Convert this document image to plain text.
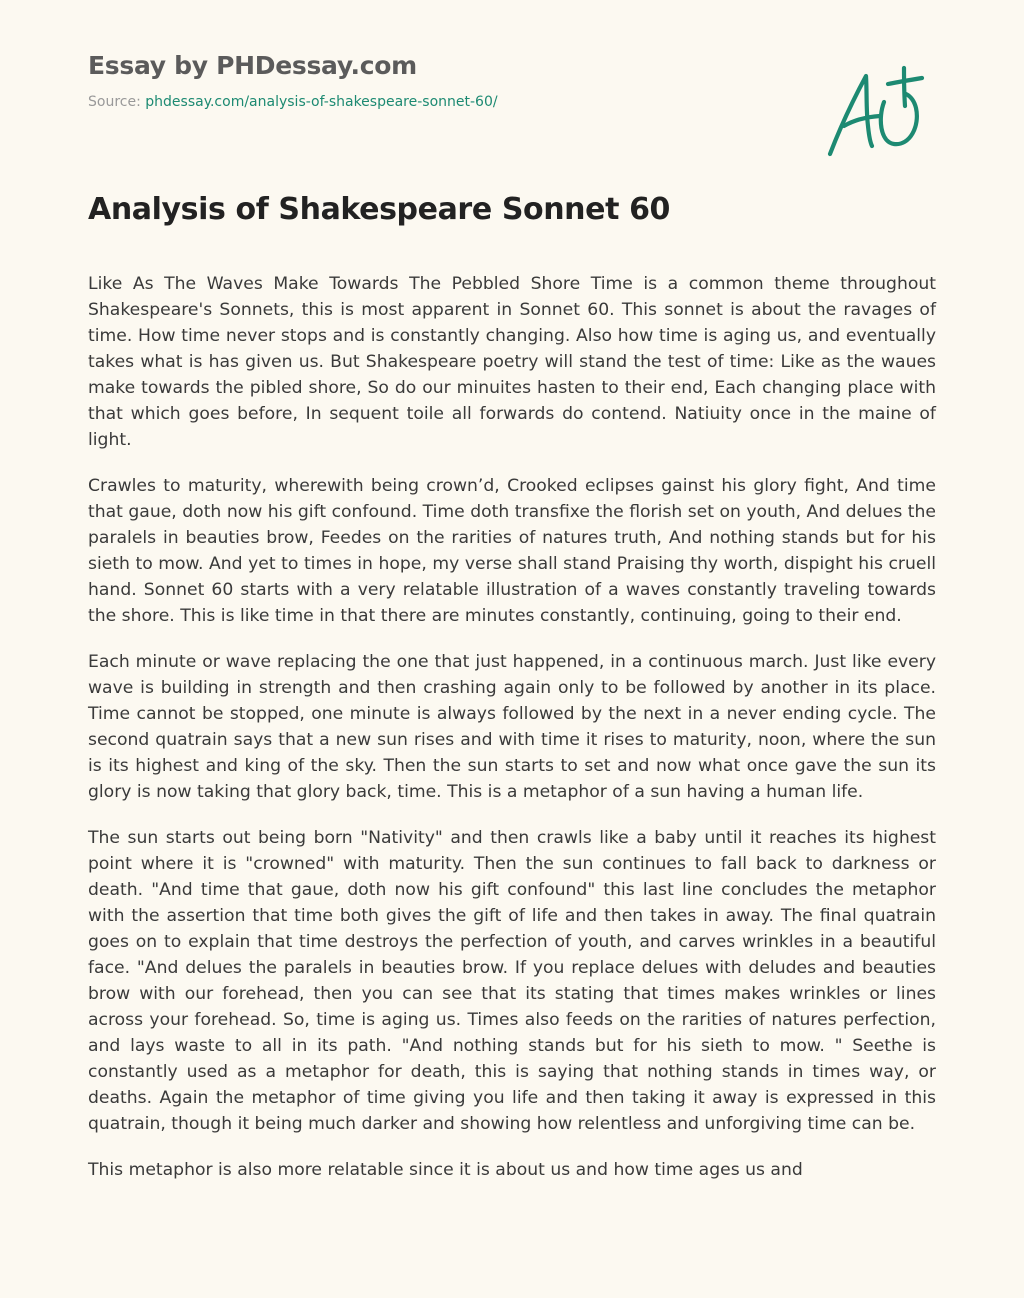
Essay by PHDessay.com
Source: phdessay.com/analysis-of-shakespeare-sonnet-60/
Analysis of Shakespeare Sonnet 60

Like As The Waves Make Towards The Pebbled Shore Time is a common theme throughout Shakespeare's Sonnets, this is most apparent in Sonnet 60. This sonnet is about the ravages of time. How time never stops and is constantly changing. Also how time is aging us, and eventually takes what is has given us. But Shakespeare poetry will stand the test of time: Like as the waues make towards the pibled shore, So do our minuites hasten to their end, Each changing place with that which goes before, In sequent toile all forwards do contend. Natiuity once in the maine of light.

Crawles to maturity, wherewith being crown’d, Crooked eclipses gainst his glory fight, And time that gaue, doth now his gift confound. Time doth transfixe the florish set on youth, And delues the paralels in beauties brow, Feedes on the rarities of natures truth, And nothing stands but for his sieth to mow. And yet to times in hope, my verse shall stand Praising thy worth, dispight his cruell hand. Sonnet 60 starts with a very relatable illustration of a waves constantly traveling towards the shore. This is like time in that there are minutes constantly, continuing, going to their end.

Each minute or wave replacing the one that just happened, in a continuous march. Just like every wave is building in strength and then crashing again only to be followed by another in its place. Time cannot be stopped, one minute is always followed by the next in a never ending cycle. The second quatrain says that a new sun rises and with time it rises to maturity, noon, where the sun is its highest and king of the sky. Then the sun starts to set and now what once gave the sun its glory is now taking that glory back, time. This is a metaphor of a sun having a human life.

The sun starts out being born "Nativity" and then crawls like a baby until it reaches its highest point where it is "crowned" with maturity. Then the sun continues to fall back to darkness or death. "And time that gaue, doth now his gift confound" this last line concludes the metaphor with the assertion that time both gives the gift of life and then takes in away. The final quatrain goes on to explain that time destroys the perfection of youth, and carves wrinkles in a beautiful face. "And delues the paralels in beauties brow. If you replace delues with deludes and beauties brow with our forehead, then you can see that its stating that times makes wrinkles or lines across your forehead. So, time is aging us. Times also feeds on the rarities of natures perfection, and lays waste to all in its path. "And nothing stands but for his sieth to mow. " Seethe is constantly used as a metaphor for death, this is saying that nothing stands in times way, or deaths. Again the metaphor of time giving you life and then taking it away is expressed in this quatrain, though it being much darker and showing how relentless and unforgiving time can be.

This metaphor is also more relatable since it is about us and how time ages us and
